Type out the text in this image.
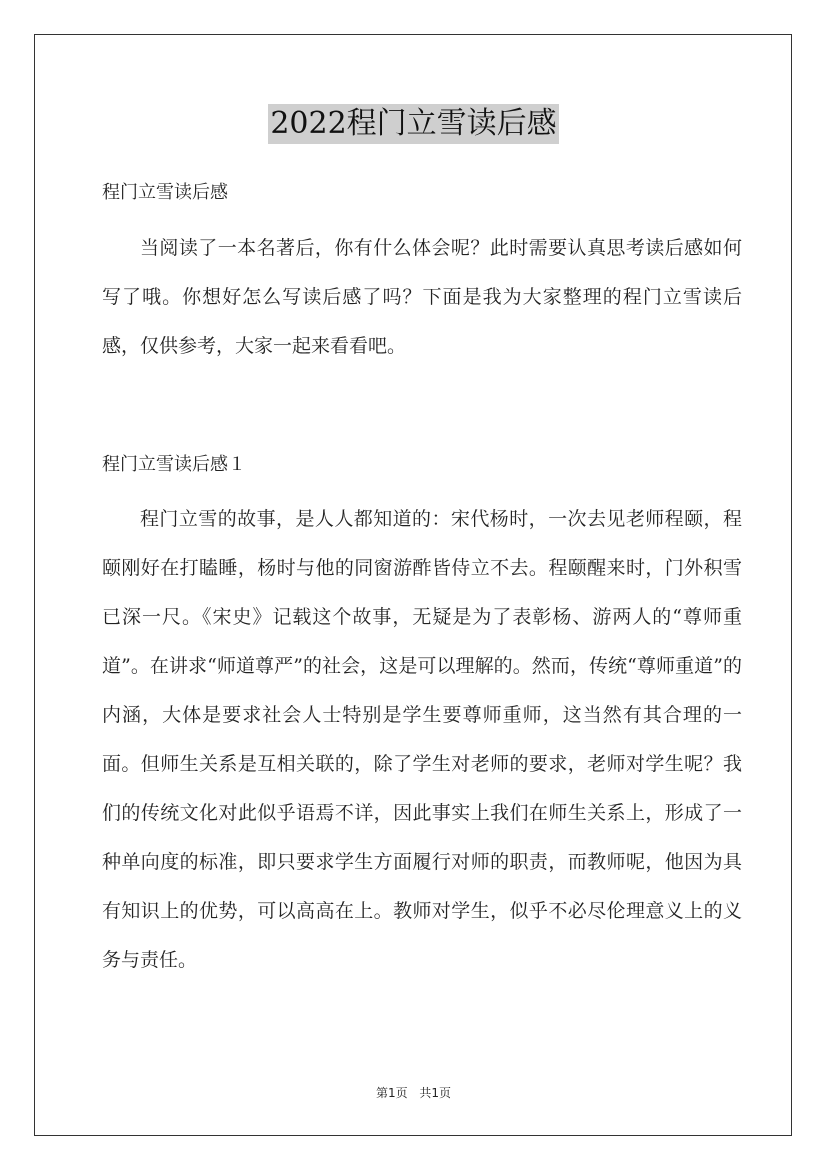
2022程门立雪读后感
程门立雪读后感

当阅读了一本名著后，你有什么体会呢？此时需要认真思考读后感如何写了哦。你想好怎么写读后感了吗？下面是我为大家整理的程门立雪读后感，仅供参考，大家一起来看看吧。

程门立雪读后感１

程门立雪的故事，是人人都知道的：宋代杨时，一次去见老师程颐，程颐刚好在打瞌睡，杨时与他的同窗游酢皆侍立不去。程颐醒来时，门外积雪已深一尺。《宋史》记载这个故事，无疑是为了表彰杨、游两人的“尊师重道”。在讲求“师道尊严”的社会，这是可以理解的。然而，传统“尊师重道”的内涵，大体是要求社会人士特别是学生要尊师重师，这当然有其合理的一面。但师生关系是互相关联的，除了学生对老师的要求，老师对学生呢？我们的传统文化对此似乎语焉不详，因此事实上我们在师生关系上，形成了一种单向度的标准，即只要求学生方面履行对师的职责，而教师呢，他因为具有知识上的优势，可以高高在上。教师对学生，似乎不必尽伦理意义上的义务与责任。

第1页 共1页
